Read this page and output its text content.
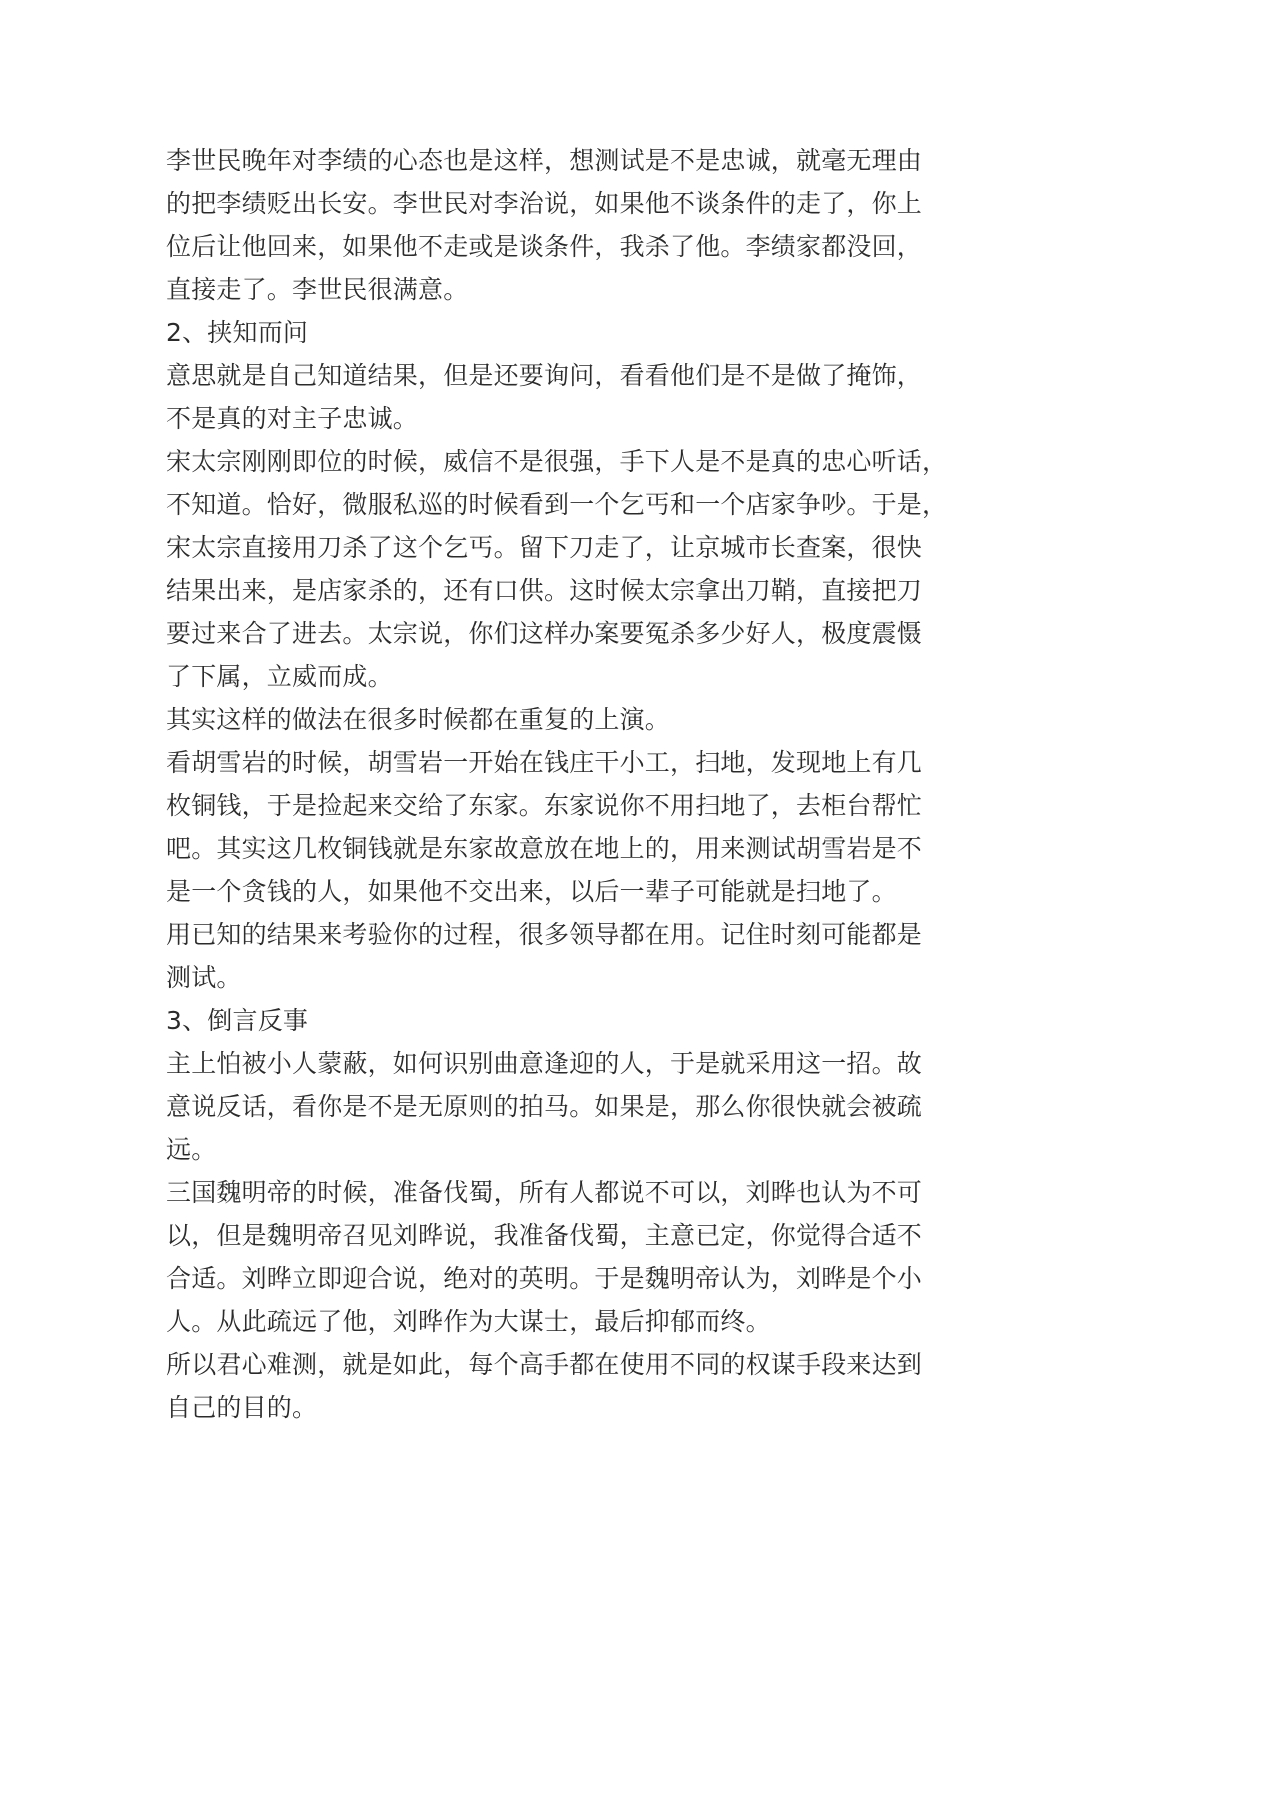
李世民晚年对李绩的心态也是这样，想测试是不是忠诚，就毫无理由
的把李绩贬出长安。李世民对李治说，如果他不谈条件的走了，你上
位后让他回来，如果他不走或是谈条件，我杀了他。李绩家都没回，
直接走了。李世民很满意。
2、挟知而问
意思就是自己知道结果，但是还要询问，看看他们是不是做了掩饰，
不是真的对主子忠诚。
宋太宗刚刚即位的时候，威信不是很强，手下人是不是真的忠心听话，
不知道。恰好，微服私巡的时候看到一个乞丐和一个店家争吵。于是，
宋太宗直接用刀杀了这个乞丐。留下刀走了，让京城市长查案，很快
结果出来，是店家杀的，还有口供。这时候太宗拿出刀鞘，直接把刀
要过来合了进去。太宗说，你们这样办案要冤杀多少好人，极度震慑
了下属，立威而成。
其实这样的做法在很多时候都在重复的上演。
看胡雪岩的时候，胡雪岩一开始在钱庄干小工，扫地，发现地上有几
枚铜钱，于是捡起来交给了东家。东家说你不用扫地了，去柜台帮忙
吧。其实这几枚铜钱就是东家故意放在地上的，用来测试胡雪岩是不
是一个贪钱的人，如果他不交出来，以后一辈子可能就是扫地了。
用已知的结果来考验你的过程，很多领导都在用。记住时刻可能都是
测试。
3、倒言反事
主上怕被小人蒙蔽，如何识别曲意逢迎的人，于是就采用这一招。故
意说反话，看你是不是无原则的拍马。如果是，那么你很快就会被疏
远。
三国魏明帝的时候，准备伐蜀，所有人都说不可以，刘晔也认为不可
以，但是魏明帝召见刘晔说，我准备伐蜀，主意已定，你觉得合适不
合适。刘晔立即迎合说，绝对的英明。于是魏明帝认为，刘晔是个小
人。从此疏远了他，刘晔作为大谋士，最后抑郁而终。
所以君心难测，就是如此，每个高手都在使用不同的权谋手段来达到
自己的目的。
